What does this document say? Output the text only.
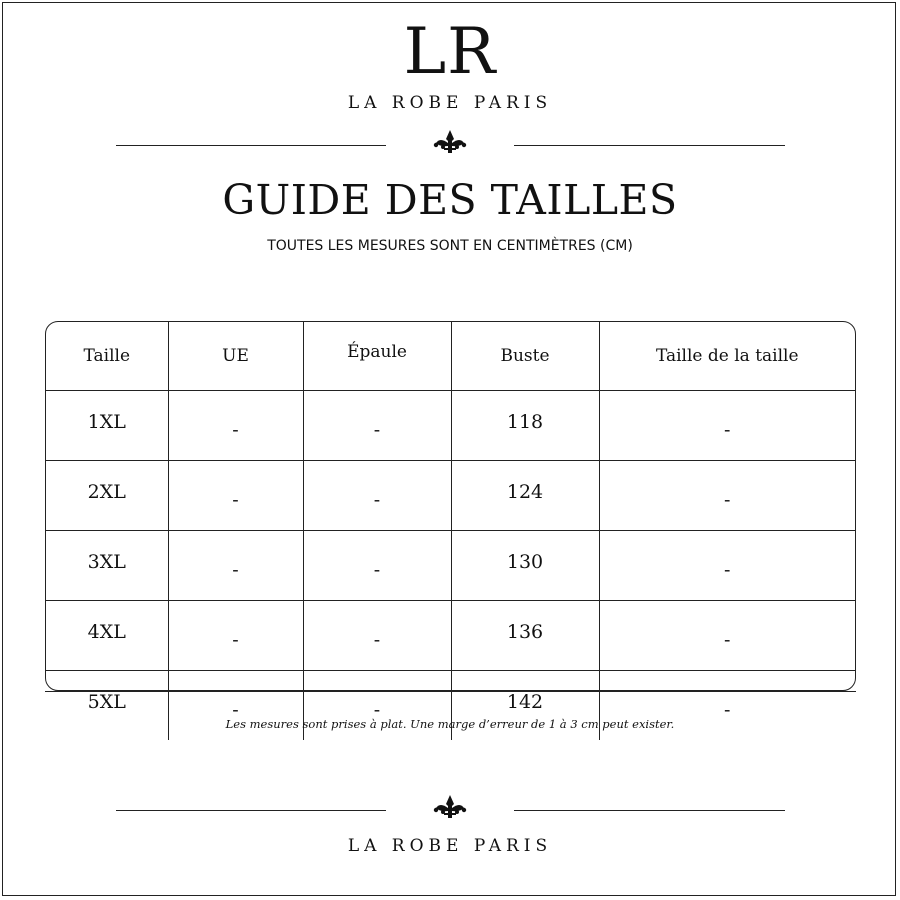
LR
LA ROBE PARIS
GUIDE DES TAILLES
TOUTES LES MESURES SONT EN CENTIMÈTRES (CM)
Taille	UE	Épaule	Buste	Taille de la taille
1XL	-	-	118	-
2XL	-	-	124	-
3XL	-	-	130	-
4XL	-	-	136	-
5XL	-	-	142	-
Les mesures sont prises à plat. Une marge d’erreur de 1 à 3 cm peut exister.
LA ROBE PARIS
